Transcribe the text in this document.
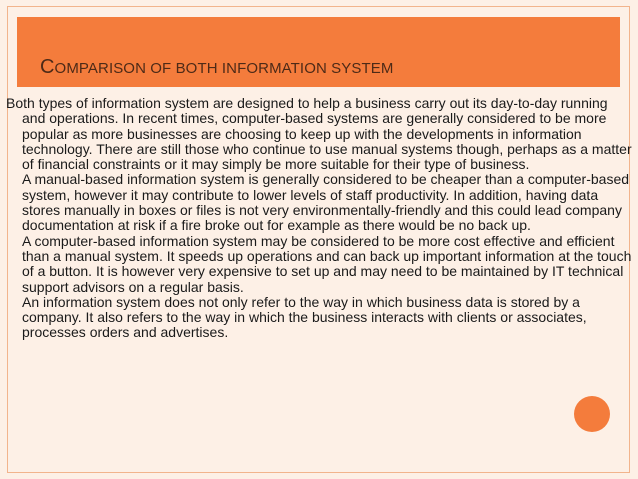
COMPARISON OF BOTH INFORMATION SYSTEM

Both types of information system are designed to help a business carry out its day-to-day running and operations. In recent times, computer-based systems are generally considered to be more popular as more businesses are choosing to keep up with the developments in information technology. There are still those who continue to use manual systems though, perhaps as a matter of financial constraints or it may simply be more suitable for their type of business.

A manual-based information system is generally considered to be cheaper than a computer-based system, however it may contribute to lower levels of staff productivity. In addition, having data stores manually in boxes or files is not very environmentally-friendly and this could lead company documentation at risk if a fire broke out for example as there would be no back up.

A computer-based information system may be considered to be more cost effective and efficient than a manual system. It speeds up operations and can back up important information at the touch of a button. It is however very expensive to set up and may need to be maintained by IT technical support advisors on a regular basis.

An information system does not only refer to the way in which business data is stored by a company. It also refers to the way in which the business interacts with clients or associates, processes orders and advertises.
